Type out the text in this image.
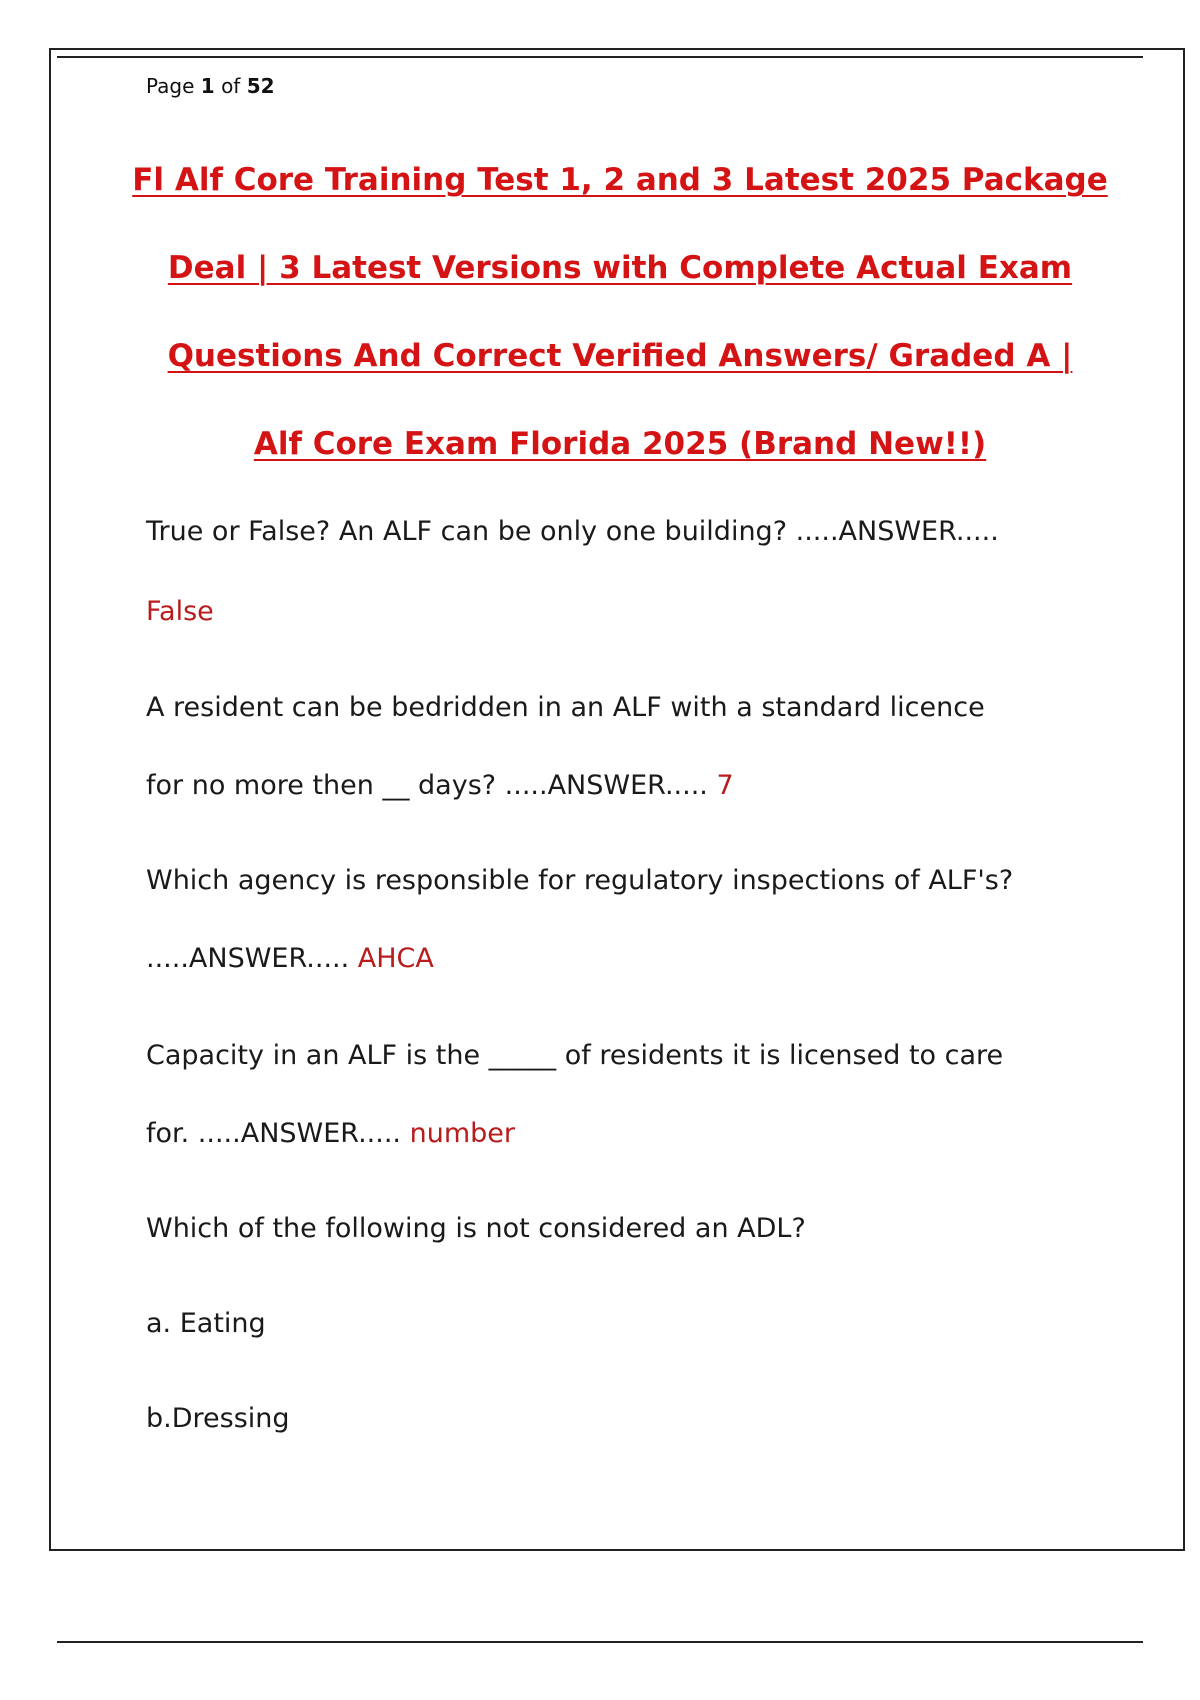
Page 1 of 52
Fl Alf Core Training Test 1, 2 and 3 Latest 2025 Package
Deal | 3 Latest Versions with Complete Actual Exam
Questions And Correct Verified Answers/ Graded A |
Alf Core Exam Florida 2025 (Brand New!!)
True or False? An ALF can be only one building? .....ANSWER.....
False
A resident can be bedridden in an ALF with a standard licence
for no more then __ days? .....ANSWER..... 7
Which agency is responsible for regulatory inspections of ALF's?
.....ANSWER..... AHCA
Capacity in an ALF is the _____ of residents it is licensed to care
for. .....ANSWER..... number
Which of the following is not considered an ADL?
a. Eating
b.Dressing
